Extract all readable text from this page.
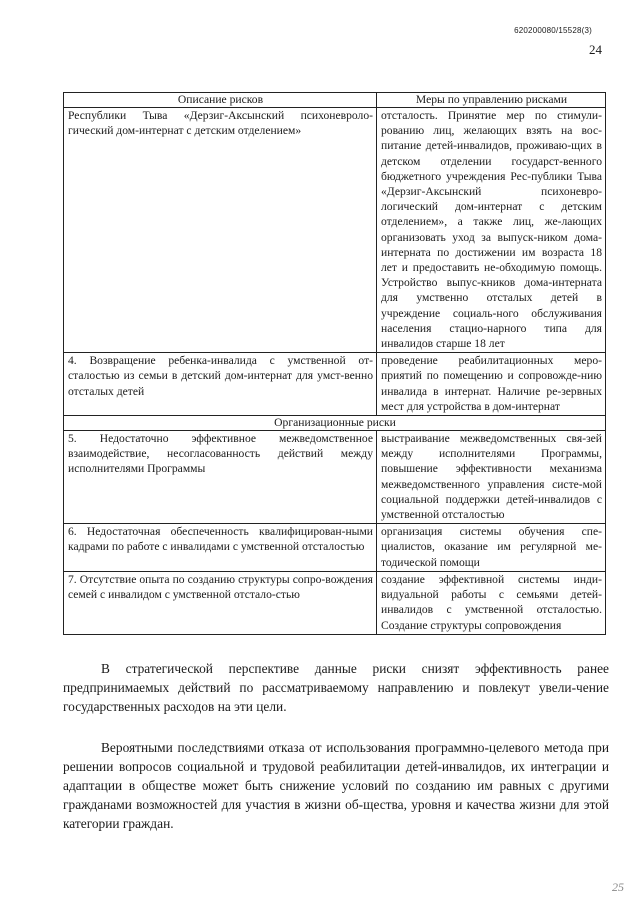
620200080/15528(3)
24
Описание рисков	Меры по управлению рисками
Республики Тыва «Дерзиг-Аксынский психоневроло-гический дом-интернат с детским отделением»	отсталость. Принятие мер по стимули-рованию лиц, желающих взять на вос-питание детей-инвалидов, проживаю-щих в детском отделении государст-венного бюджетного учреждения Рес-публики Тыва «Дерзиг-Аксынский психоневро-логический дом-интернат с детским отделением», а также лиц, же-лающих организовать уход за выпуск-ником дома-интерната по достижении им возраста 18 лет и предоставить не-обходимую помощь. Устройство выпус-кников дома-интерната для умственно отсталых детей в учреждение социаль-ного обслуживания населения стацио-нарного типа для инвалидов старше 18 лет
4. Возвращение ребенка-инвалида с умственной от-сталостью из семьи в детский дом-интернат для умст-венно отсталых детей	проведение реабилитационных меро-приятий по помещению и сопровожде-нию инвалида в интернат. Наличие ре-зервных мест для устройства в дом-интернат
Организационные риски	
5. Недостаточно эффективное межведомственное взаимодействие, несогласованность действий между исполнителями Программы	выстраивание межведомственных свя-зей между исполнителями Программы, повышение эффективности механизма межведомственного управления систе-мой социальной поддержки детей-инвалидов с умственной отсталостью
6. Недостаточная обеспеченность квалифицирован-ными кадрами по работе с инвалидами с умственной отсталостью	организация системы обучения спе-циалистов, оказание им регулярной ме-тодической помощи
7. Отсутствие опыта по созданию структуры сопро-вождения семей с инвалидом с умственной отстало-стью	создание эффективной системы инди-видуальной работы с семьями детей-инвалидов с умственной отсталостью. Создание структуры сопровождения

В стратегической перспективе данные риски снизят эффективность ранее предпринимаемых действий по рассматриваемому направлению и повлекут увели-чение государственных расходов на эти цели.

Вероятными последствиями отказа от использования программно-целевого метода при решении вопросов социальной и трудовой реабилитации детей-инвалидов, их интеграции и адаптации в обществе может быть снижение условий по созданию им равных с другими гражданами возможностей для участия в жизни об-щества, уровня и качества жизни для этой категории граждан.

25
